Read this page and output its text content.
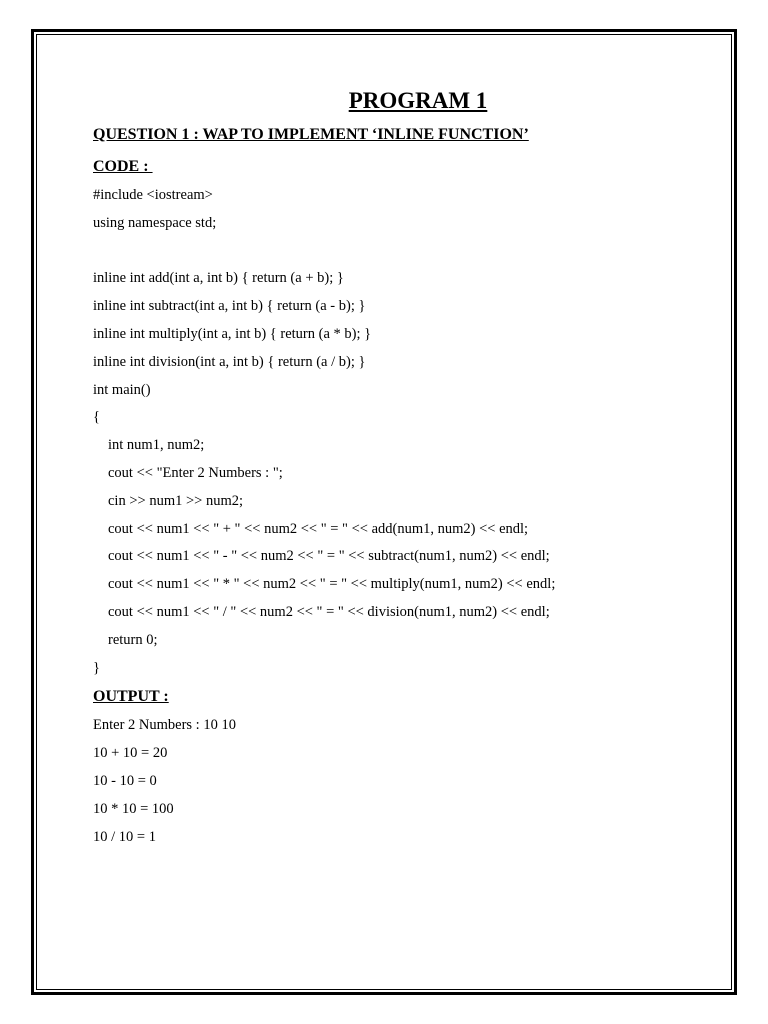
PROGRAM 1
QUESTION 1 : WAP TO IMPLEMENT ‘INLINE FUNCTION’
CODE :
#include <iostream>
using namespace std;
inline int add(int a, int b) { return (a + b); }
inline int subtract(int a, int b) { return (a - b); }
inline int multiply(int a, int b) { return (a * b); }
inline int division(int a, int b) { return (a / b); }
int main()
{
int num1, num2;
cout << "Enter 2 Numbers : ";
cin >> num1 >> num2;
cout << num1 << " + " << num2 << " = " << add(num1, num2) << endl;
cout << num1 << " - " << num2 << " = " << subtract(num1, num2) << endl;
cout << num1 << " * " << num2 << " = " << multiply(num1, num2) << endl;
cout << num1 << " / " << num2 << " = " << division(num1, num2) << endl;
return 0;
}
OUTPUT :
Enter 2 Numbers : 10 10
10 + 10 = 20
10 - 10 = 0
10 * 10 = 100
10 / 10 = 1
